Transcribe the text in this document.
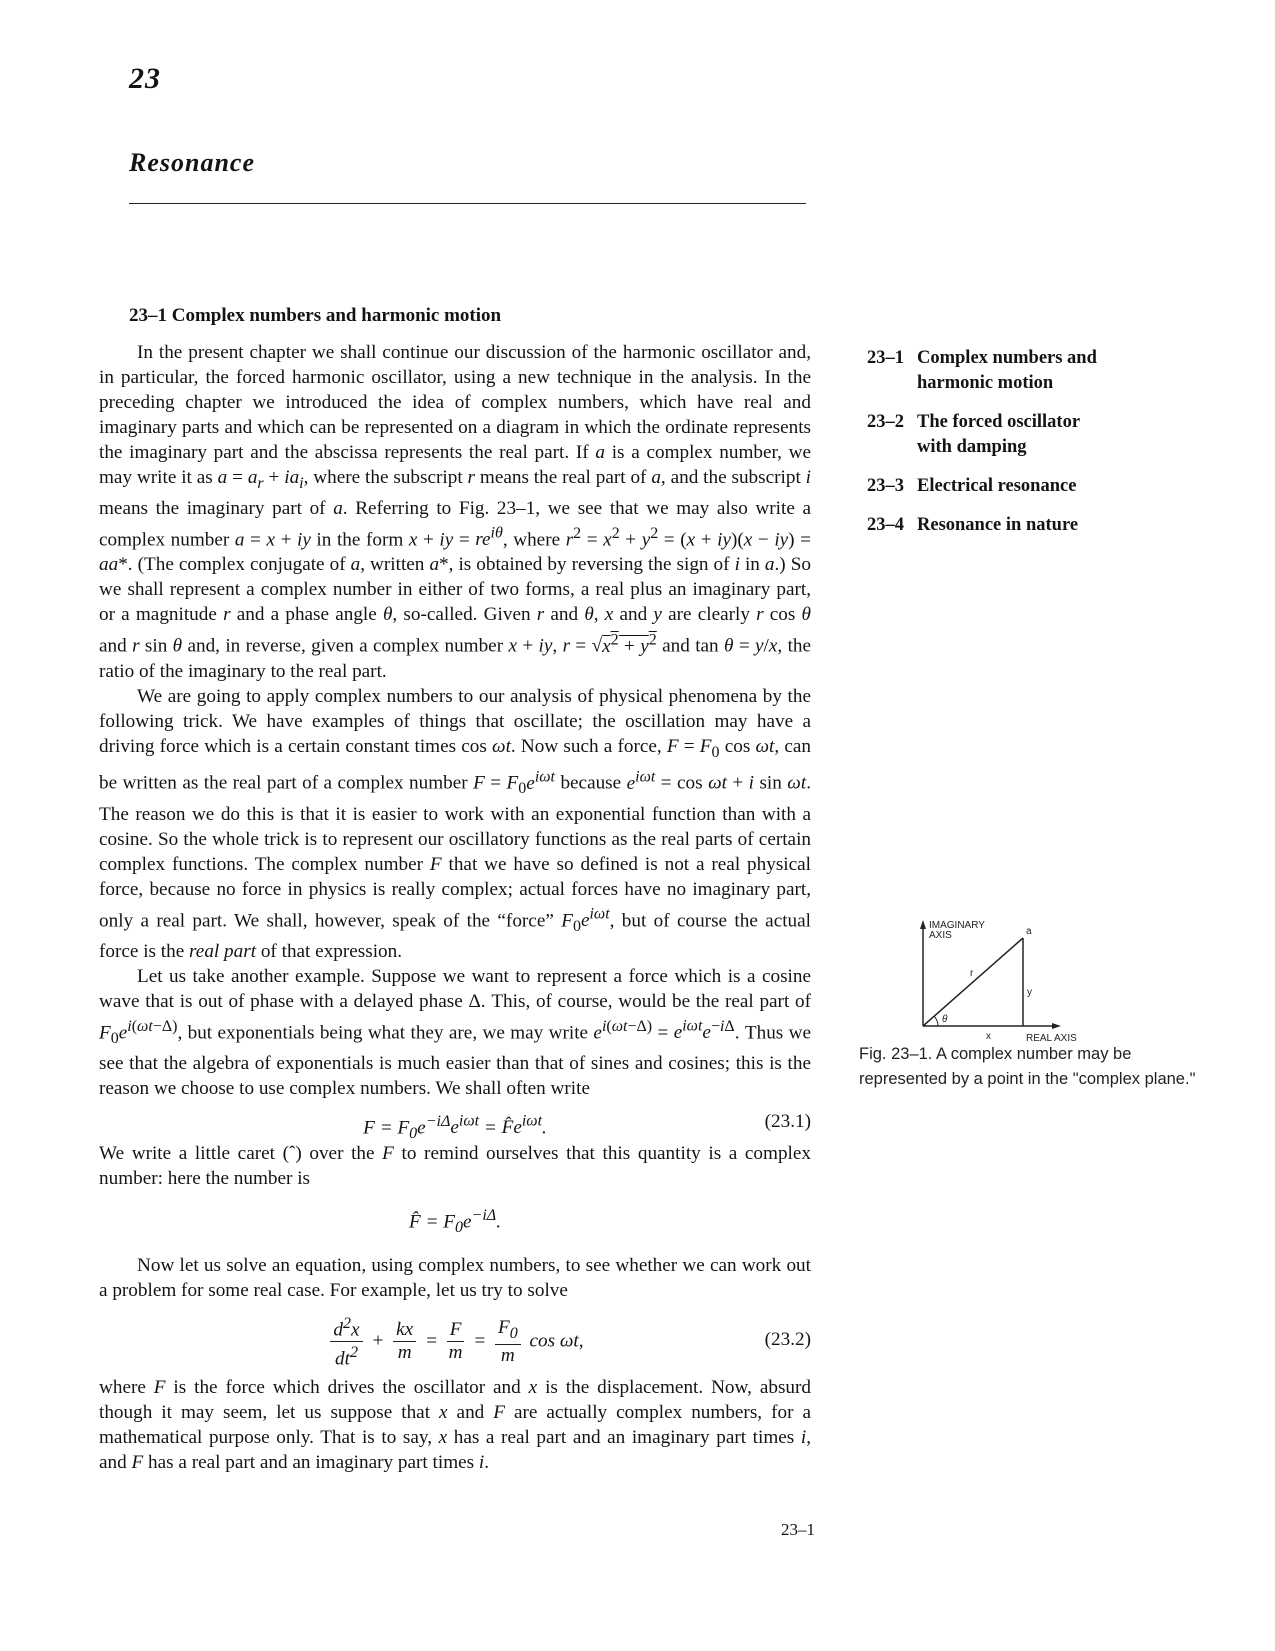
23
Resonance
23–1 Complex numbers and harmonic motion
23–1 Complex numbers and harmonic motion
23–2 The forced oscillator with damping
23–3 Electrical resonance
23–4 Resonance in nature

In the present chapter we shall continue our discussion of the harmonic oscillator and, in particular, the forced harmonic oscillator, using a new technique in the analysis. In the preceding chapter we introduced the idea of complex numbers, which have real and imaginary parts and which can be represented on a diagram in which the ordinate represents the imaginary part and the abscissa represents the real part. If a is a complex number, we may write it as $a = a_r + ia_i$, where the subscript r means the real part of a, and the subscript i means the imaginary part of a. Referring to Fig. 23–1, we see that we may also write a complex number a = x + iy in the form x + iy = $re^{i\theta}$, where $r^2 = x^2 + y^2 = (x + iy)(x - iy) = aa*$. (The complex conjugate of a, written a*, is obtained by reversing the sign of i in a.) So we shall represent a complex number in either of two forms, a real plus an imaginary part, or a magnitude r and a phase angle θ, so-called. Given r and θ, x and y are clearly r cos θ and r sin θ and, in reverse, given a complex number x + iy, $r = √x^2 + y^2$ and tan θ = y/x, the ratio of the imaginary to the real part.

We are going to apply complex numbers to our analysis of physical phenomena by the following trick. We have examples of things that oscillate; the oscillation may have a driving force which is a certain constant times cos ωt. Now such a force, $F = F_0$ cos ωt, can be written as the real part of a complex number $F = F_0e^{i\omega t}$ because $e^{i\omega t} = \cos \omega t + i$ sin ωt. The reason we do this is that it is easier to work with an exponential function than with a cosine. So the whole trick is to represent our oscillatory functions as the real parts of certain complex functions. The complex number F that we have so defined is not a real physical force, because no force in physics is really complex; actual forces have no imaginary part, only a real part. We shall, however, speak of the “force” $F_0e^{i\omega t}$, but of course the actual force is the real part of that expression.

Let us take another example. Suppose we want to represent a force which is a cosine wave that is out of phase with a delayed phase Δ. This, of course, would be the real part of $F_0e^{i(\omega t-\Delta)}$, but exponentials being what they are, we may write $e^{i(\omega t-\Delta)} = e^{i\omega t}e^{-i\Delta}$. Thus we see that the algebra of exponentials is much easier than that of sines and cosines; this is the reason we choose to use complex numbers. We shall often write

$F = F_0e^{-i\Delta}e^{i\omega t}$ = $F̂e^{i\omega t}$.	(23.1)

We write a little caret (ˆ) over the F to remind ourselves that this quantity is a complex number: here the number is

F̂ = $F_0e^{-i\Delta}$.

Now let us solve an equation, using complex numbers, to see whether we can work out a problem for some real case. For example, let us try to solve

$\frac{d^2x}{dt^2} + \frac{kx}{m} = \frac{F}{m} = \frac{F_0}{m}$ cos ωt,	(23.2)

where F is the force which drives the oscillator and x is the displacement. Now, absurd though it may seem, let us suppose that x and F are actually complex numbers, for a mathematical purpose only. That is to say, x has a real part and an imaginary part times i, and F has a real part and an imaginary part times i.

IMAGINARY
AXIS	a
r
y
θ
x	REAL AXIS
Fig. 23–1. A complex number may be represented by a point in the "complex plane."
23–1
